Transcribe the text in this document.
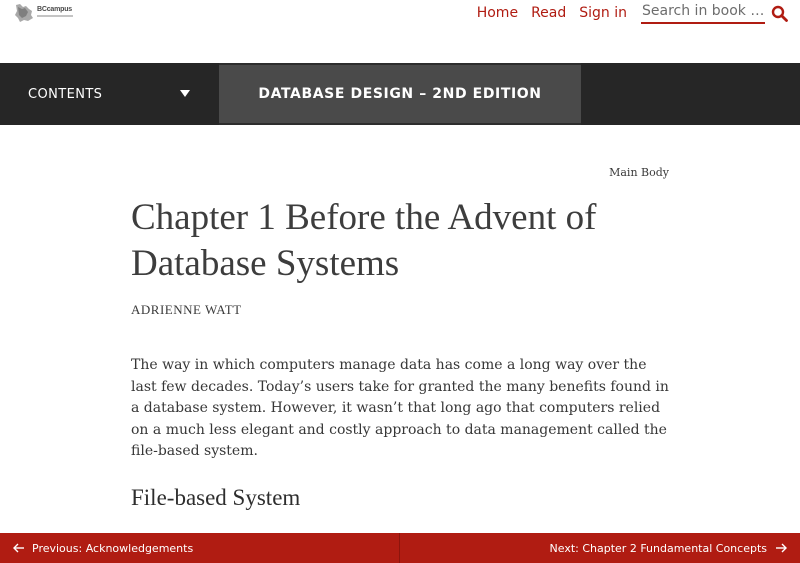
BCcampus	Home Read Sign in
Search in book …
CONTENTS	DATABASE DESIGN – 2ND EDITION
Main Body
Chapter 1 Before the Advent of Database Systems
ADRIENNE WATT

The way in which computers manage data has come a long way over the last few decades. Today’s users take for granted the many benefits found in a database system. However, it wasn’t that long ago that computers relied on a much less elegant and costly approach to data management called the file-based system.

File-based System
Previous: Acknowledgements	Next: Chapter 2 Fundamental Concepts
